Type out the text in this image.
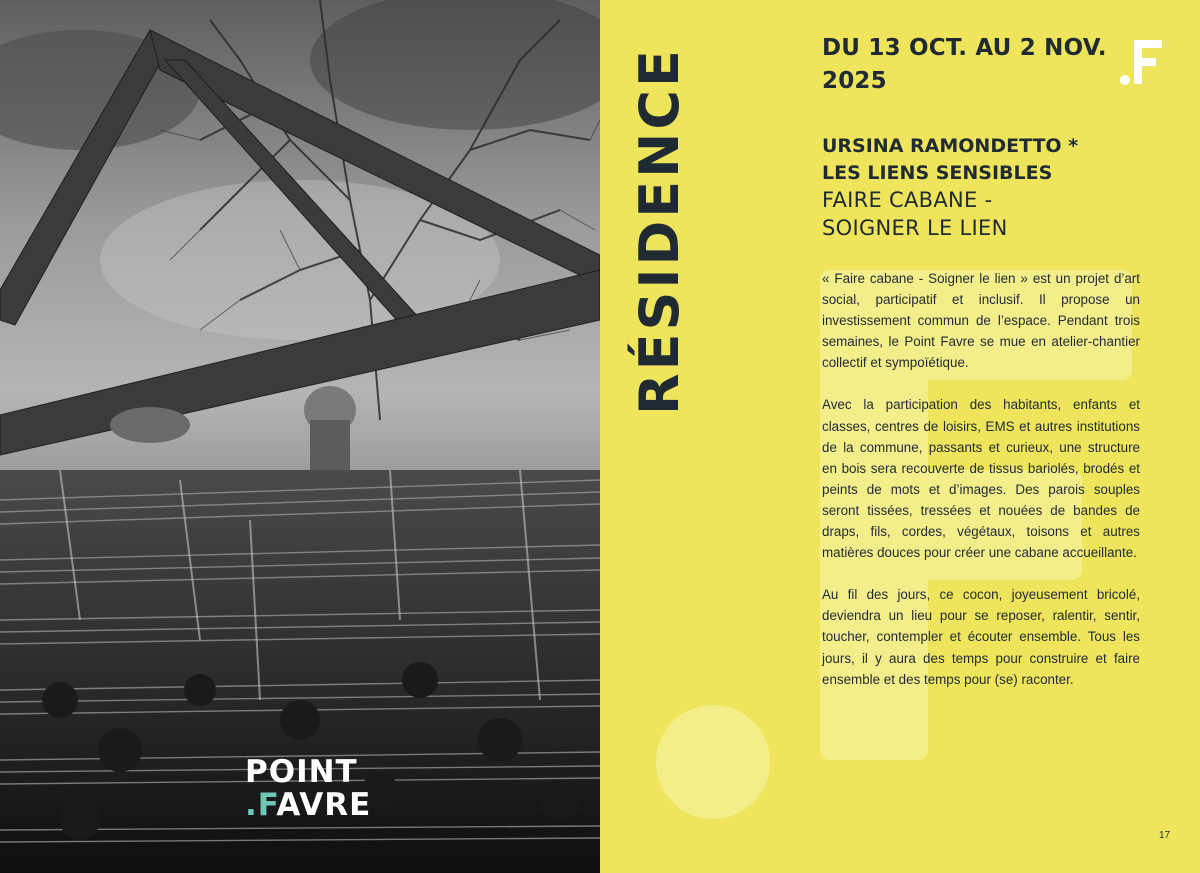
POINT
.FAVRE
RÉSIDENCE	DU 13 OCT. AU 2 NOV. 2025
URSINA RAMONDETTO *
LES LIENS SENSIBLES
FAIRE CABANE -
SOIGNER LE LIEN

« Faire cabane - Soigner le lien » est un projet d’art social, participatif et inclusif. Il propose un investissement commun de l’espace. Pendant trois semaines, le Point Favre se mue en atelier-chantier collectif et sympoïétique.

Avec la participation des habitants, enfants et classes, centres de loisirs, EMS et autres institutions de la commune, passants et curieux, une structure en bois sera recouverte de tissus bariolés, brodés et peints de mots et d’images. Des parois souples seront tissées, tressées et nouées de bandes de draps, fils, cordes, végétaux, toisons et autres matières douces pour créer une cabane accueillante.

Au fil des jours, ce cocon, joyeusement bricolé, deviendra un lieu pour se reposer, ralentir, sentir, toucher, contempler et écouter ensemble. Tous les jours, il y aura des temps pour construire et faire ensemble et des temps pour (se) raconter.

17
